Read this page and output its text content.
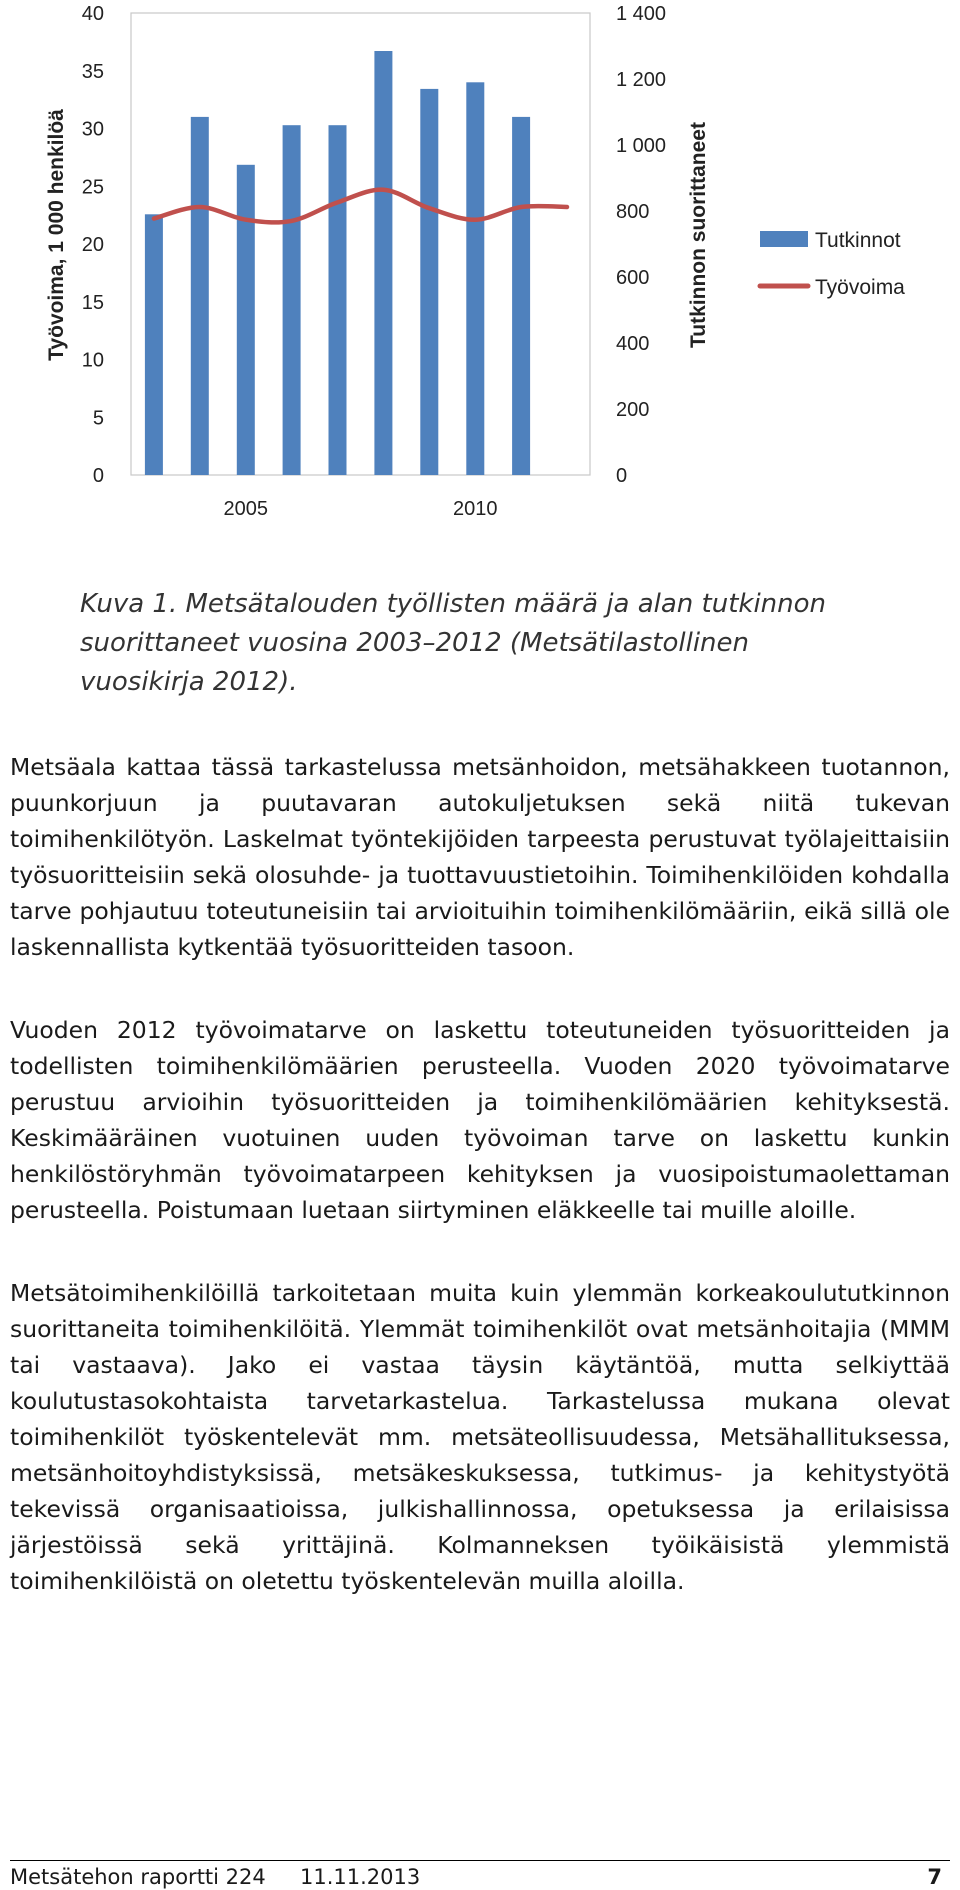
0
5
10
15
20
25
30
35
40
0
200
400
600
800
1 000
1 200
1 400
2005	2010
Työvoima, 1 000 henkilöä	Tutkinnon suorittaneet	Tutkinnot
Työvoima

Kuva 1. Metsätalouden työllisten määrä ja alan tutkinnon suorittaneet vuosina 2003–2012 (Metsätilastollinen vuosikirja 2012).

Metsäala kattaa tässä tarkastelussa metsänhoidon, metsähakkeen tuotannon, puunkorjuun ja puutavaran autokuljetuksen sekä niitä tukevan toimihenkilötyön. Laskelmat työntekijöiden tarpeesta perustuvat työlajeittaisiin työsuoritteisiin sekä olosuhde- ja tuottavuustietoihin. Toimihenkilöiden kohdalla tarve pohjautuu toteutuneisiin tai arvioituihin toimihenkilömääriin, eikä sillä ole laskennallista kytkentää työsuoritteiden tasoon.

Vuoden 2012 työvoimatarve on laskettu toteutuneiden työsuoritteiden ja todellisten toimihenkilömäärien perusteella. Vuoden 2020 työvoimatarve perustuu arvioihin työsuoritteiden ja toimihenkilömäärien kehityksestä. Keskimääräinen vuotuinen uuden työvoiman tarve on laskettu kunkin henkilöstöryhmän työvoimatarpeen kehityksen ja vuosipoistumaolettaman perusteella. Poistumaan luetaan siirtyminen eläkkeelle tai muille aloille.

Metsätoimihenkilöillä tarkoitetaan muita kuin ylemmän korkeakoulututkinnon suorittaneita toimihenkilöitä. Ylemmät toimihenkilöt ovat metsänhoitajia (MMM tai vastaava). Jako ei vastaa täysin käytäntöä, mutta selkiyttää koulutustasokohtaista tarvetarkastelua. Tarkastelussa mukana olevat toimihenkilöt työskentelevät mm. metsäteollisuudessa, Metsähallituksessa, metsänhoitoyhdistyksissä, metsäkeskuksessa, tutkimus- ja kehitystyötä tekevissä organisaatioissa, julkishallinnossa, opetuksessa ja erilaisissa järjestöissä sekä yrittäjinä. Kolmanneksen työikäisistä ylemmistä toimihenkilöistä on oletettu työskentelevän muilla aloilla.

Metsätehon raportti 224 11.11.2013	7
